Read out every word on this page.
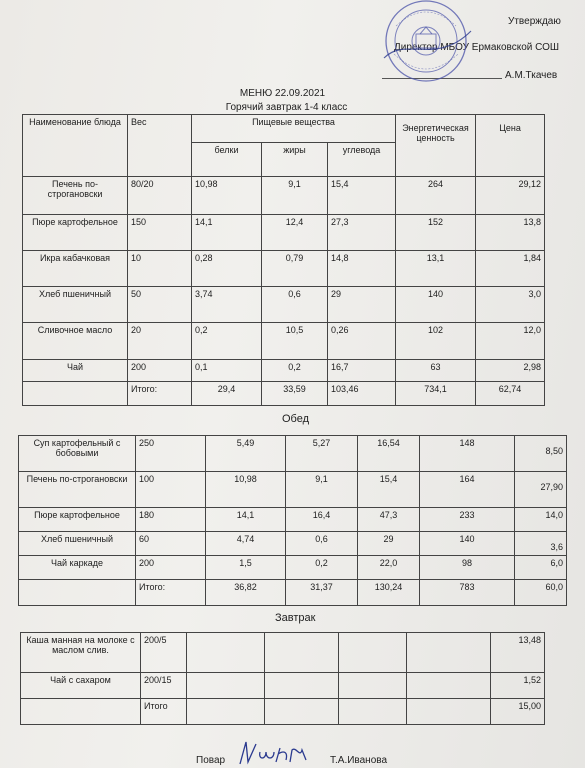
Утверждаю
Директор МБОУ Ермаковской СОШ
А.М.Ткачев
МЕНЮ 22.09.2021
Горячий завтрак 1-4 класс
Наименование блюда	Вес	Пищевые вещества			Энергетическая ценность	Цена
		белки	жиры	углевода		
Печень по-строгановски	80/20	10,98	9,1	15,4	264	29,12
Пюре картофельное	150	14,1	12,4	27,3	152	13,8
Икра кабачковая	10	0,28	0,79	14,8	13,1	1,84
Хлеб пшеничный	50	3,74	0,6	29	140	3,0
Сливочное масло	20	0,2	10,5	0,26	102	12,0
Чай	200	0,1	0,2	16,7	63	2,98
	Итого:	29,4	33,59	103,46	734,1	62,74
Обед
Суп картофельный с бобовыми	250	5,49	5,27	16,54	148	8,50
Печень по-строгановски	100	10,98	9,1	15,4	164	27,90
Пюре картофельное	180	14,1	16,4	47,3	233	14,0
Хлеб пшеничный	60	4,74	0,6	29	140	3,6
Чай каркаде	200	1,5	0,2	22,0	98	6,0
	Итого:	36,82	31,37	130,24	783	60,0
Завтрак
Каша манная на молоке с маслом слив.	200/5					13,48
Чай с сахаром	200/15					1,52
	Итого					15,00
Повар	Т.А.Иванова
